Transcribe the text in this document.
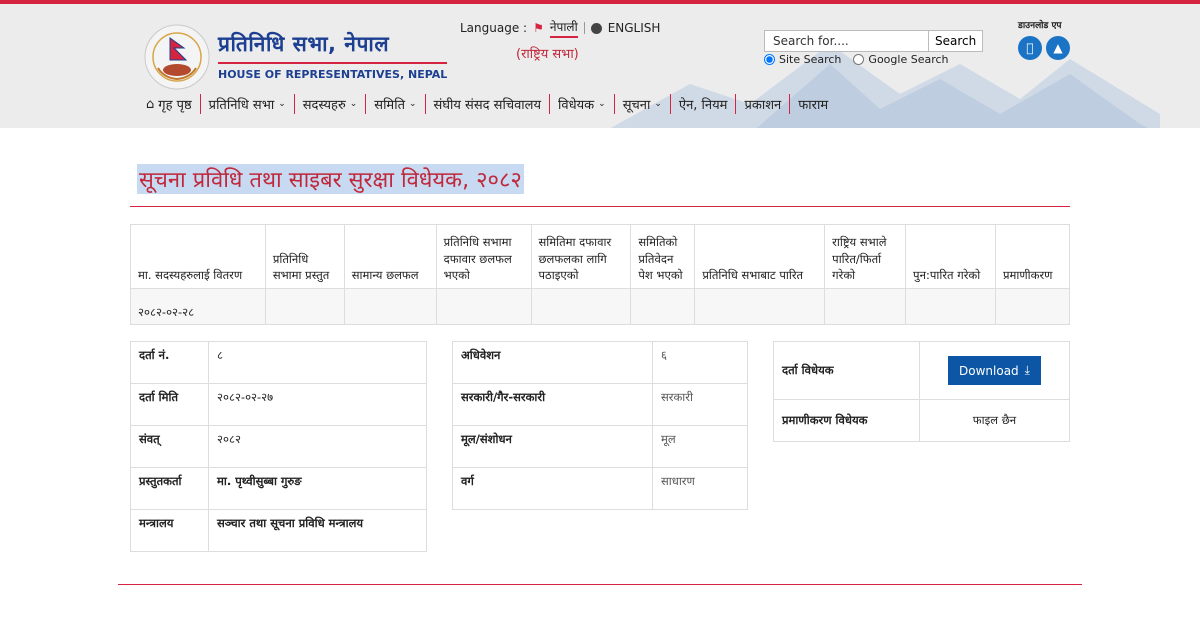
प्रतिनिधि सभा, नेपाल
HOUSE OF REPRESENTATIVES, NEPAL
Language : ⚑ नेपाली	ENGLISH
(राष्ट्रिय सभा)
Search for....
Search
Site Search Google Search
डाउनलोड एप
▲
⌂ गृह पृष्ठ प्रतिनिधि सभा ⌄ सदस्यहरु ⌄ समिति ⌄ संघीय संसद सचिवालय विधेयक ⌄ सूचना ⌄ ऐन, नियम प्रकाशन फाराम
सूचना प्रविधि तथा साइबर सुरक्षा विधेयक, २०८२
मा. सदस्यहरुलाई वितरण	प्रतिनिधि सभामा प्रस्तुत	सामान्य छलफल	प्रतिनिधि सभामा दफावार छलफल भएको	समितिमा दफावार छलफलका लागि पठाइएको	समितिको प्रतिवेदन पेश भएको	प्रतिनिधि सभाबाट पारित	राष्ट्रिय सभाले पारित/फिर्ता गरेको	पुन:पारित गरेको	प्रमाणीकरण
२०८२-०२-२८									
दर्ता नं.	८
दर्ता मिति	२०८२-०२-२७
संवत्	२०८२
प्रस्तुतकर्ता	मा. पृथ्वीसुब्बा गुरुङ
मन्त्रालय	सञ्चार तथा सूचना प्रविधि मन्त्रालय
अधिवेशन	६
सरकारी/गैर-सरकारी	सरकारी
मूल/संशोधन	मूल
वर्ग	साधारण
दर्ता विधेयक	Download ⤓

प्रमाणीकरण विधेयक	फाइल छैन
